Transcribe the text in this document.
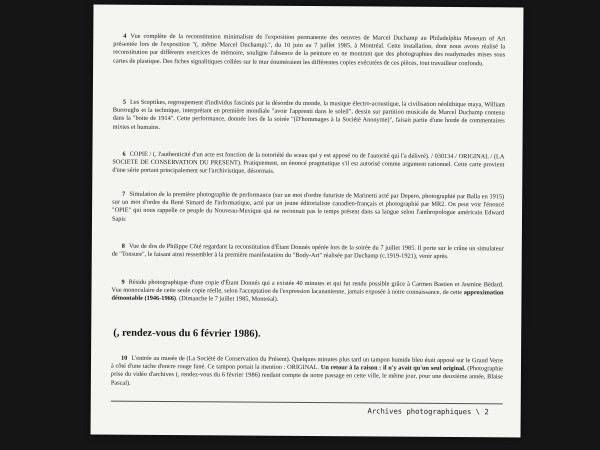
4 Vue complète de la reconstitution minimaliste de l'exposition permanente des oeuvres de Marcel Duchamp au Philadelphia Museum of Art présentée lors de l'exposition "(, même Marcel Duchamp).", du 10 juin au 7 juillet 1985, à Montréal. Cette installation, dont nous avons réalisé la reconstitution par différents exercices de mémoire, souligne l'absence de la peinture en ne montrant que des photographies des readymades mises sous cartes de plastique. Des fiches signalitiques collées sur le mur énuméraient les différentes copies exécutées de ces pièces, tout travailleur confondu.

5 Les Sceptikes, regroupement d'individus fascinés par le désordre du monde, la musique électro-acoustique, la civilisation néolithique maya, William Burroughs et la technique, interprétant en première mondiale "avoir l'apprenti dans le soleil", dessin sur partition musicale de Marcel Duchamp contenu dans la "boite de 1914". Cette performance, donnée lors de la soirée "(D'hommages à la Société Anonyme)", faisait partie d'une horde de commentaires mixtes et humains.

6 COPIE / (, l'authenticité d'un acte est fonction de la notoriété du sceau qui y est apposé ou de l'autorité qui l'a délivré). / 030134 / ORIGINAL / (LA SOCIETE DE CONSERVATION DU PRESENT). Pratiquement, un énoncé pragmatique s'il est autorisé comme argument rationnel. Cette carte provient d'une série portant principalement sur l'archivistique, désormais.

7 Simulation de la première photographie de performance (sur un mot d'ordre futuriste de Marinetti acté par Depero, photographié par Balla en 1915) sur un mot d'ordre du René Simard de l'informatique, acté par un jeune éditorialiste canadien-français et photographié par MR2. On peut voir l'énoncé "OPIE" qui nous rappelle ce peuple du Nouveau-Mexique qui ne reconnait pas le temps présent dans sa langue selon l'anthropologue américain Edward Sapir.

8 Vue de dos de Philippe Côté regardant la reconstitution d'Étant Donnés opérée lors de la soirée du 7 juillet 1985. Il porte sur le crâne un simulateur de "Tonsure", le faisant ainsi ressembler à la première manifestation du "Body-Art" réalisée par Duchamp (c.1919-1921), venir après.

9 Résidu photographique d'une copie d'Étant Donnés qui a existée 40 minutes et qui fut rendu possible grâce à Carmen Bastien et Jasmine Bédard. Vue monoculaire de cette seule copie réelle, selon l'acceptation de l'expression lacananienne, jamais exposée à notre connaissance, de cette approximation démontable (1946-1966). (Dimanche le 7 juillet 1985, Montréal).

(, rendez-vous du 6 février 1986).

10 L'entrée au musée de (La Société de Conservation du Présent). Quelques minutes plus tard un tampon humide bleu était apposé sur le Grand Verre à côté d'une tache d'encre rouge fané. Ce tampon portait la mention : ORIGINAL. Un retour à la raison : il n'y avait qu'un seul original. (Photographie prise du vidéo d'archives (, rendez-vous du 6 février 1986) rendant compte de notre passage en cette ville, le même jour, pour une deuxième année, Blaise Pascal).

Archives photographiques \ 2
